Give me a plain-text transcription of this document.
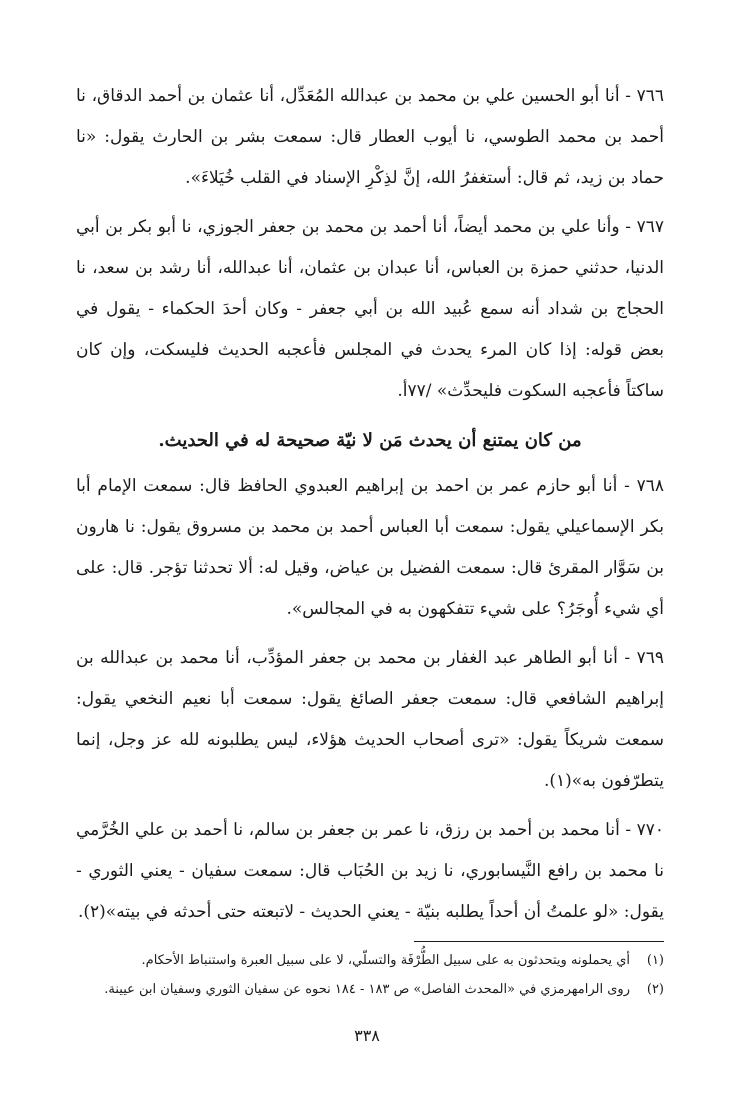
٧٦٦ - أنا أبو الحسين علي بن محمد بن عبدالله المُعَدِّل، أنا عثمان بن أحمد الدقاق، نا أحمد بن محمد الطوسي، نا أيوب العطار قال: سمعت بشر بن الحارث يقول: «نا حماد بن زيد، ثم قال: أستغفرُ الله، إنَّ لذِكْرِ الإسناد في القلب خُيَلاءَ».

٧٦٧ - وأنا علي بن محمد أيضاً، أنا أحمد بن محمد بن جعفر الجوزي، نا أبو بكر بن أبي الدنيا، حدثني حمزة بن العباس، أنا عبدان بن عثمان، أنا عبدالله، أنا رشد بن سعد، نا الحجاج بن شداد أنه سمع عُبيد الله بن أبي جعفر - وكان أحدَ الحكماء - يقول في بعض قوله: إذا كان المرء يحدث في المجلس فأعجبه الحديث فليسكت، وإن كان ساكتاً فأعجبه السكوت فليحدِّث» /٧٧أ.

من كان يمتنع أن يحدث مَن لا نيّة صحيحة له في الحديث.

٧٦٨ - أنا أبو حازم عمر بن احمد بن إبراهيم العبدوي الحافظ قال: سمعت الإمام أبا بكر الإسماعيلي يقول: سمعت أبا العباس أحمد بن محمد بن مسروق يقول: نا هارون بن سَوَّار المقرئ قال: سمعت الفضيل بن عياض، وقيل له: ألا تحدثنا تؤجر. قال: على أي شيء أُوجَرُ؟ على شيء تتفكهون به في المجالس».

٧٦٩ - أنا أبو الطاهر عبد الغفار بن محمد بن جعفر المؤدِّب، أنا محمد بن عبدالله بن إبراهيم الشافعي قال: سمعت جعفر الصائغ يقول: سمعت أبا نعيم النخعي يقول: سمعت شريكاً يقول: «ترى أصحاب الحديث هؤلاء، ليس يطلبونه لله عز وجل، إنما يتطرّفون به»(١).

٧٧٠ - أنا محمد بن أحمد بن رزق، نا عمر بن جعفر بن سالم، نا أحمد بن علي الخُرَّمي نا محمد بن رافع النَّيسابوري، نا زيد بن الحُبَاب قال: سمعت سفيان - يعني الثوري - يقول: «لو علمتُ أن أحداً يطلبه بنيّة - يعني الحديث - لاتبعته حتى أحدثه في بيته»(٢).

(١)
أي يحملونه ويتحدثون به على سبيل الطُّرْفَة والتسلّي، لا على سبيل العبرة واستنباط الأحكام.
(٢)
روى الرامهرمزي في «المحدث الفاصل» ص ١٨٣ - ١٨٤ نحوه عن سفيان الثوري وسفيان ابن عيينة.
٣٣٨
